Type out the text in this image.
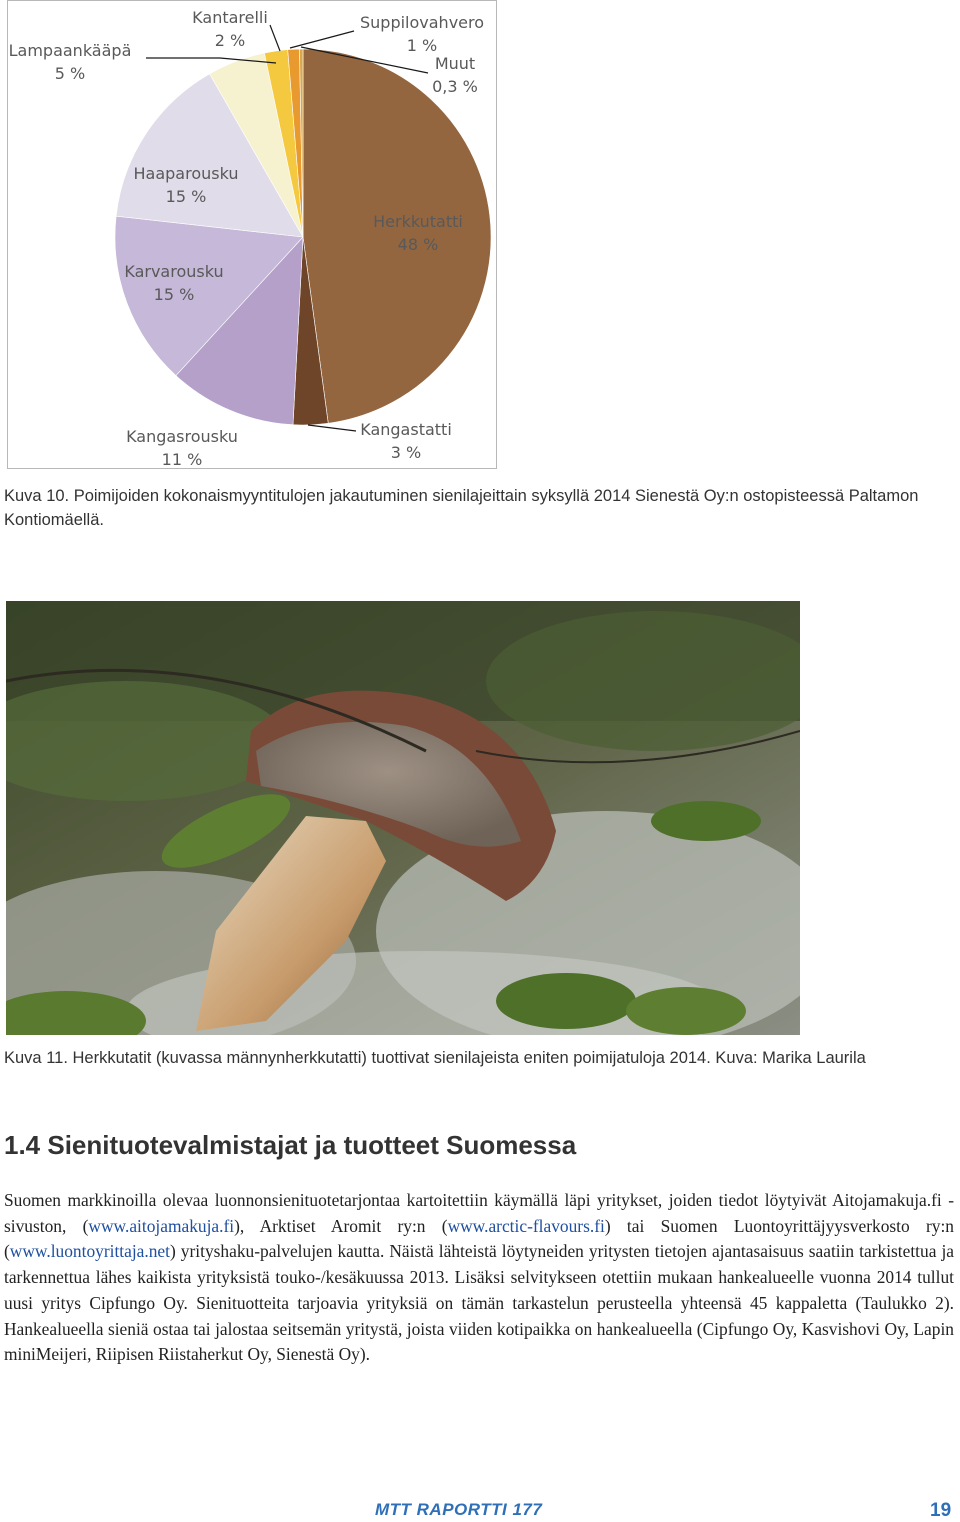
Herkkutatti 48 %
Kangastatti 3 %
Kangasrousku 11 %
Karvarousku 15 %
Haaparousku 15 %
Lampaankääpä 5 %
Kantarelli 2 %
Suppilovahvero 1 %
Muut 0,3 %

Kuva 10. Poimijoiden kokonaismyyntitulojen jakautuminen sienilajeittain syksyllä 2014 Sienestä Oy:n ostopisteessä Paltamon Kontiomäellä.

Kuva 11. Herkkutatit (kuvassa männynherkkutatti) tuottivat sienilajeista eniten poimijatuloja 2014. Kuva: Marika Laurila

1.4 Sienituotevalmistajat ja tuotteet Suomessa

Suomen markkinoilla olevaa luonnonsienituotetarjontaa kartoitettiin käymällä läpi yritykset, joiden tiedot löytyivät Aitojamakuja.fi -sivuston, (www.aitojamakuja.fi), Arktiset Aromit ry:n (www.arctic-flavours.fi) tai Suomen Luontoyrittäjyysverkosto ry:n (www.luontoyrittaja.net) yrityshaku-palvelujen kautta. Näistä lähteistä löytyneiden yritysten tietojen ajantasaisuus saatiin tarkistettua ja tarkennettua lähes kaikista yrityksistä touko-/kesäkuussa 2013. Lisäksi selvitykseen otettiin mukaan hankealueelle vuonna 2014 tullut uusi yritys Cipfungo Oy. Sienituotteita tarjoavia yrityksiä on tämän tarkastelun perusteella yhteensä 45 kappaletta (Taulukko 2). Hankealueella sieniä ostaa tai jalostaa seitsemän yritystä, joista viiden kotipaikka on hankealueella (Cipfungo Oy, Kasvishovi Oy, Lapin miniMeijeri, Riipisen Riistaherkut Oy, Sienestä Oy).

MTT RAPORTTI 177	19
